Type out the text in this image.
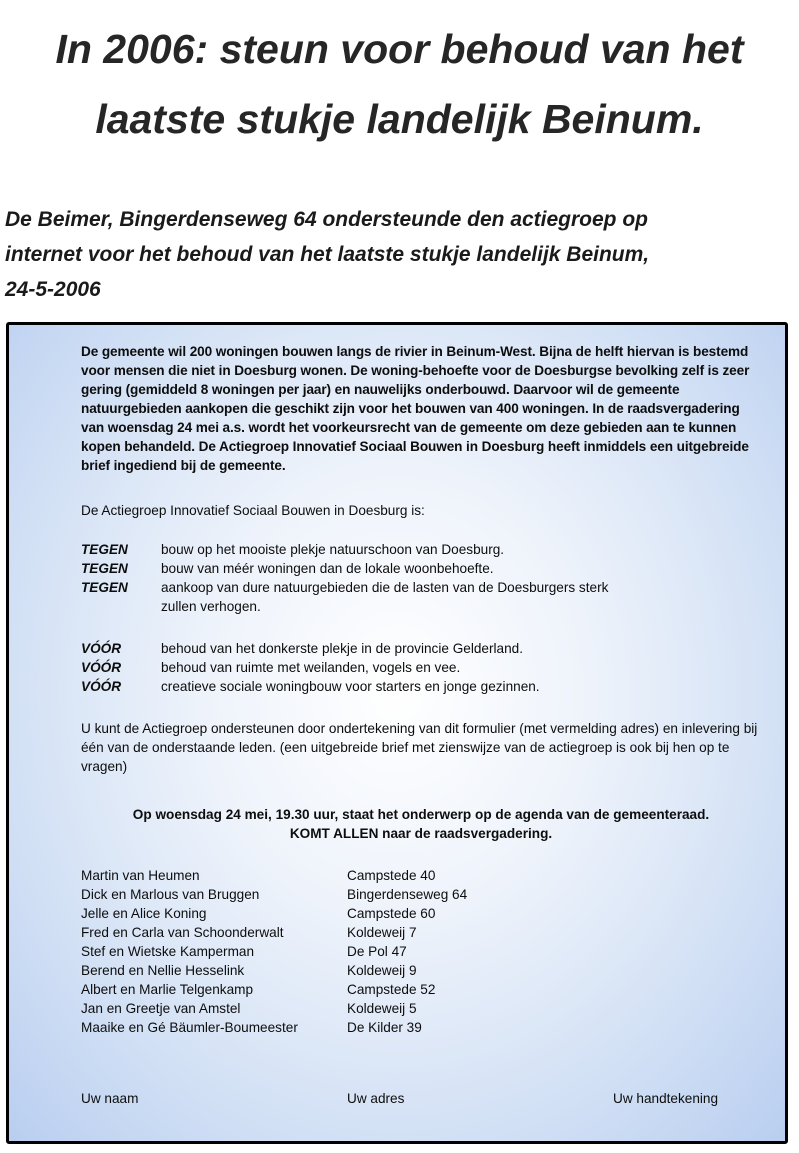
In 2006: steun voor behoud van het
laatste stukje landelijk Beinum.

De Beimer, Bingerdenseweg 64 ondersteunde den actiegroep op
internet voor het behoud van het laatste stukje landelijk Beinum,
24-5-2006

De gemeente wil 200 woningen bouwen langs de rivier in Beinum-West. Bijna de helft hiervan is bestemd voor mensen die niet in Doesburg wonen. De woning-behoefte voor de Doesburgse bevolking zelf is zeer gering (gemiddeld 8 woningen per jaar) en nauwelijks onderbouwd. Daarvoor wil de gemeente natuurgebieden aankopen die geschikt zijn voor het bouwen van 400 woningen. In de raadsvergadering van woensdag 24 mei a.s. wordt het voorkeursrecht van de gemeente om deze gebieden aan te kunnen kopen behandeld. De Actiegroep Innovatief Sociaal Bouwen in Doesburg heeft inmiddels een uitgebreide brief ingediend bij de gemeente.
De Actiegroep Innovatief Sociaal Bouwen in Doesburg is:
TEGEN	bouw op het mooiste plekje natuurschoon van Doesburg.
TEGEN	bouw van méér woningen dan de lokale woonbehoefte.
TEGEN	aankoop van dure natuurgebieden die de lasten van de Doesburgers sterk zullen verhogen.
VÓÓR	behoud van het donkerste plekje in de provincie Gelderland.
VÓÓR	behoud van ruimte met weilanden, vogels en vee.
VÓÓR	creatieve sociale woningbouw voor starters en jonge gezinnen.
U kunt de Actiegroep ondersteunen door ondertekening van dit formulier (met vermelding adres) en inlevering bij één van de onderstaande leden. (een uitgebreide brief met zienswijze van de actiegroep is ook bij hen op te vragen)
Op woensdag 24 mei, 19.30 uur, staat het onderwerp op de agenda van de gemeenteraad.
KOMT ALLEN naar de raadsvergadering.
Martin van Heumen	Campstede 40
Dick en Marlous van Bruggen	Bingerdenseweg 64
Jelle en Alice Koning	Campstede 60
Fred en Carla van Schoonderwalt	Koldeweij 7
Stef en Wietske Kamperman	De Pol 47
Berend en Nellie Hesselink	Koldeweij 9
Albert en Marlie Telgenkamp	Campstede 52
Jan en Greetje van Amstel	Koldeweij 5
Maaike en Gé Bäumler-Boumeester	De Kilder 39
Uw naam	Uw adres	Uw handtekening
